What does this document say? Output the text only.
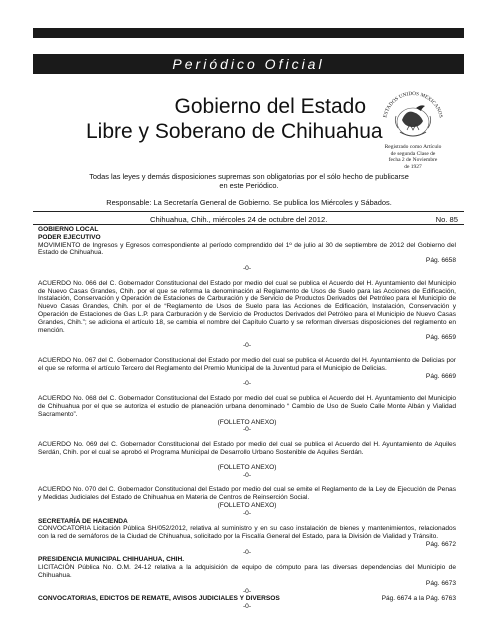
Periódico Oficial
Gobierno del Estado
Libre y Soberano de Chihuahua
ESTADOS UNIDOS MEXICANOS
Registrado como Artículo
de segunda Clase de
fecha 2 de Noviembre
de 1927
Todas las leyes y demás disposiciones supremas son obligatorias por el sólo hecho de publicarse
en este Periódico.
Responsable: La Secretaría General de Gobierno. Se publica los Miércoles y Sábados.
Chihuahua, Chih., miércoles 24 de octubre del 2012.	No. 85
GOBIERNO LOCAL
PODER EJECUTIVO
MOVIMIENTO de Ingresos y Egresos correspondiente al período comprendido del 1º de julio al 30 de septiembre de 2012 del Gobierno del Estado de Chihuahua.
Pág. 6658
-0-
ACUERDO No. 066 del C. Gobernador Constitucional del Estado por medio del cual se publica el Acuerdo del H. Ayuntamiento del Municipio de Nuevo Casas Grandes, Chih. por el que se reforma la denominación al Reglamento de Usos de Suelo para las Acciones de Edificación, Instalación, Conservación y Operación de Estaciones de Carburación y de Servicio de Productos Derivados del Petróleo para el Municipio de Nuevo Casas Grandes, Chih. por el de “Reglamento de Usos de Suelo para las Acciones de Edificación, Instalación, Conservación y Operación de Estaciones de Gas L.P. para Carburación y de Servicio de Productos Derivados del Petróleo para el Municipio de Nuevo Casas Grandes, Chih.”; se adiciona el artículo 18, se cambia el nombre del Capítulo Cuarto y se reforman diversas disposiciones del reglamento en mención.
Pág. 6659
-0-
ACUERDO No. 067 del C. Gobernador Constitucional del Estado por medio del cual se publica el Acuerdo del H. Ayuntamiento de Delicias por el que se reforma el artículo Tercero del Reglamento del Premio Municipal de la Juventud para el Municipio de Delicias.
Pág. 6669
-0-
ACUERDO No. 068 del C. Gobernador Constitucional del Estado por medio del cual se publica el Acuerdo del H. Ayuntamiento del Municipio de Chihuahua por el que se autoriza el estudio de planeación urbana denominado “ Cambio de Uso de Suelo Calle Monte Albán y Vialidad Sacramento”.
(FOLLETO ANEXO)
-0-
ACUERDO No. 069 del C. Gobernador Constitucional del Estado por medio del cual se publica el Acuerdo del H. Ayuntamiento de Aquiles Serdán, Chih. por el cual se aprobó el Programa Municipal de Desarrollo Urbano Sostenible de Aquiles Serdán.
(FOLLETO ANEXO)
-0-
ACUERDO No. 070 del C. Gobernador Constitucional del Estado por medio del cual se emite el Reglamento de la Ley de Ejecución de Penas y Medidas Judiciales del Estado de Chihuahua en Materia de Centros de Reinserción Social.
(FOLLETO ANEXO)
-0-
SECRETARÍA DE HACIENDA
CONVOCATORIA Licitación Pública SH/052/2012, relativa al suministro y en su caso instalación de bienes y mantenimientos, relacionados con la red de semáforos de la Ciudad de Chihuahua, solicitado por la Fiscalía General del Estado, para la División de Vialidad y Tránsito.
Pág. 6672
-0-
PRESIDENCIA MUNICIPAL CHIHUAHUA, CHIH.
LICITACIÓN Pública No. O.M. 24-12 relativa a la adquisición de equipo de cómputo para las diversas dependencias del Municipio de Chihuahua.
Pág. 6673
-0-
CONVOCATORIAS, EDICTOS DE REMATE, AVISOS JUDICIALES Y DIVERSOS	Pág. 6674 a la Pág. 6763
-0-
